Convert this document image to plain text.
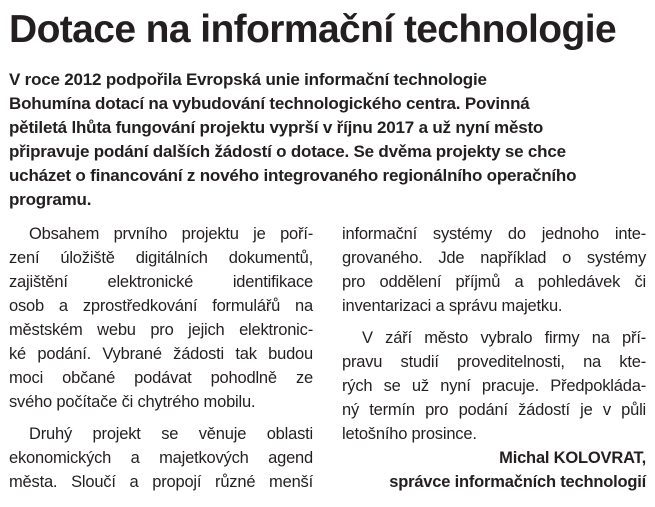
Dotace na informační technologie
V roce 2012 podpořila Evropská unie informační technologie
Bohumína dotací na vybudování technologického centra. Povinná
pětiletá lhůta fungování projektu vyprší v říjnu 2017 a už nyní město
připravuje podání dalších žádostí o dotace. Se dvěma projekty se chce
ucházet o financování z nového integrovaného regionálního operačního
programu.
Obsahem prvního projektu je poří-
zení úložiště digitálních dokumentů,
zajištění elektronické identifikace
osob a zprostředkování formulářů na
městském webu pro jejich elektronic-
ké podání. Vybrané žádosti tak budou
moci občané podávat pohodlně ze
svého počítače či chytrého mobilu.
Druhý projekt se věnuje oblasti
ekonomických a majetkových agend
města. Sloučí a propojí různé menší
informační systémy do jednoho inte-
grovaného. Jde například o systémy
pro oddělení příjmů a pohledávek či
inventarizaci a správu majetku.
V září město vybralo firmy na pří-
pravu studií proveditelnosti, na kte-
rých se už nyní pracuje. Předpokláda-
ný termín pro podání žádostí je v půli
letošního prosince.
Michal KOLOVRAT,
správce informačních technologií
